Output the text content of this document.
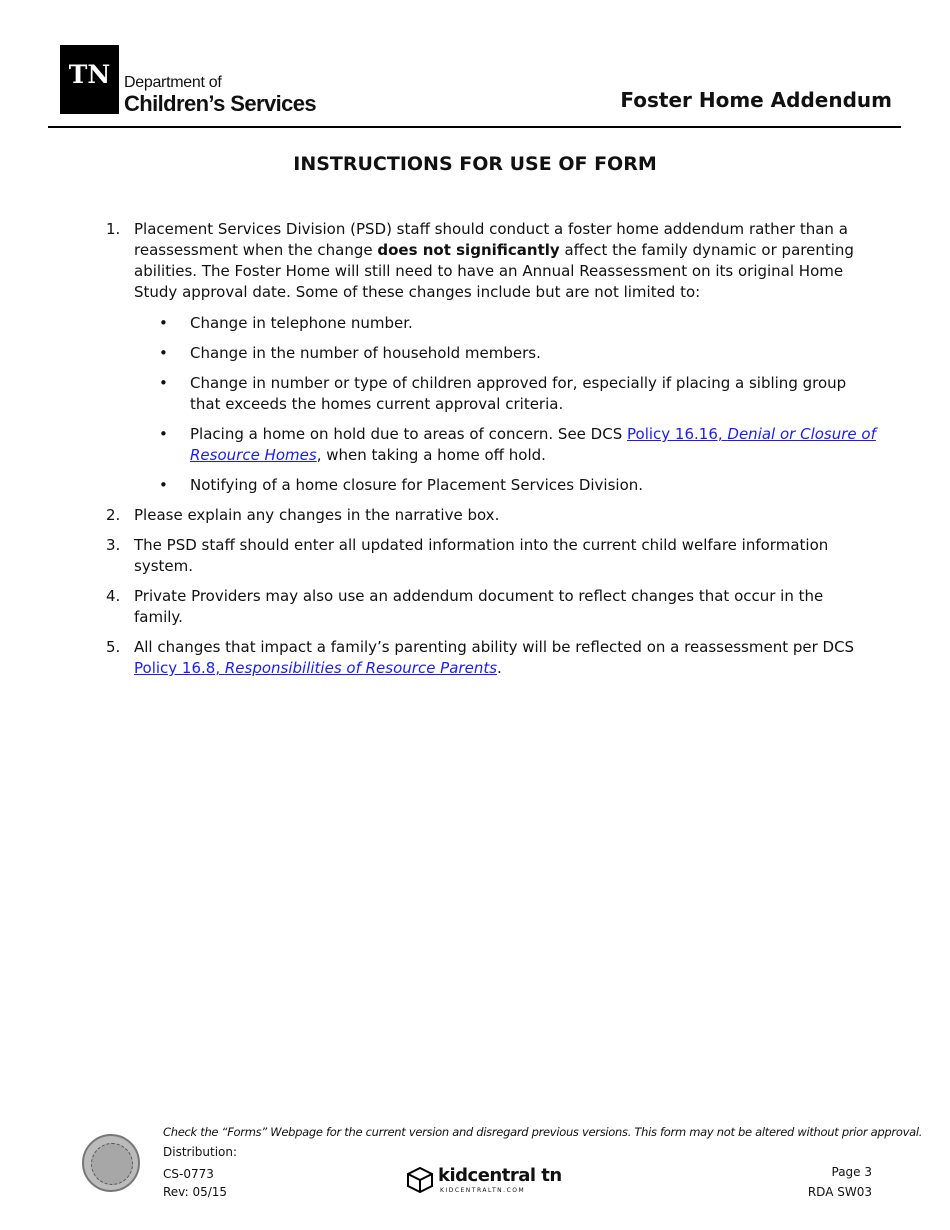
TN Department of
Children’s Services	Foster Home Addendum
INSTRUCTIONS FOR USE OF FORM
1. Placement Services Division (PSD) staff should conduct a foster home addendum rather than a reassessment when the change does not significantly affect the family dynamic or parenting abilities. The Foster Home will still need to have an Annual Reassessment on its original Home Study approval date. Some of these changes include but are not limited to:
• Change in telephone number.
• Change in the number of household members.
• Change in number or type of children approved for, especially if placing a sibling group that exceeds the homes current approval criteria.
• Placing a home on hold due to areas of concern. See DCS Policy 16.16, Denial or Closure of Resource Homes, when taking a home off hold.
• Notifying of a home closure for Placement Services Division.
2. Please explain any changes in the narrative box.
3. The PSD staff should enter all updated information into the current child welfare information system.
4. Private Providers may also use an addendum document to reflect changes that occur in the family.
5. All changes that impact a family’s parenting ability will be reflected on a reassessment per DCS Policy 16.8, Responsibilities of Resource Parents.
Check the “Forms” Webpage for the current version and disregard previous versions. This form may not be altered without prior approval.
Distribution:
CS-0773
Rev: 05/15
kidcentral tn
KIDCENTRALTN.COM
Page 3
RDA SW03
